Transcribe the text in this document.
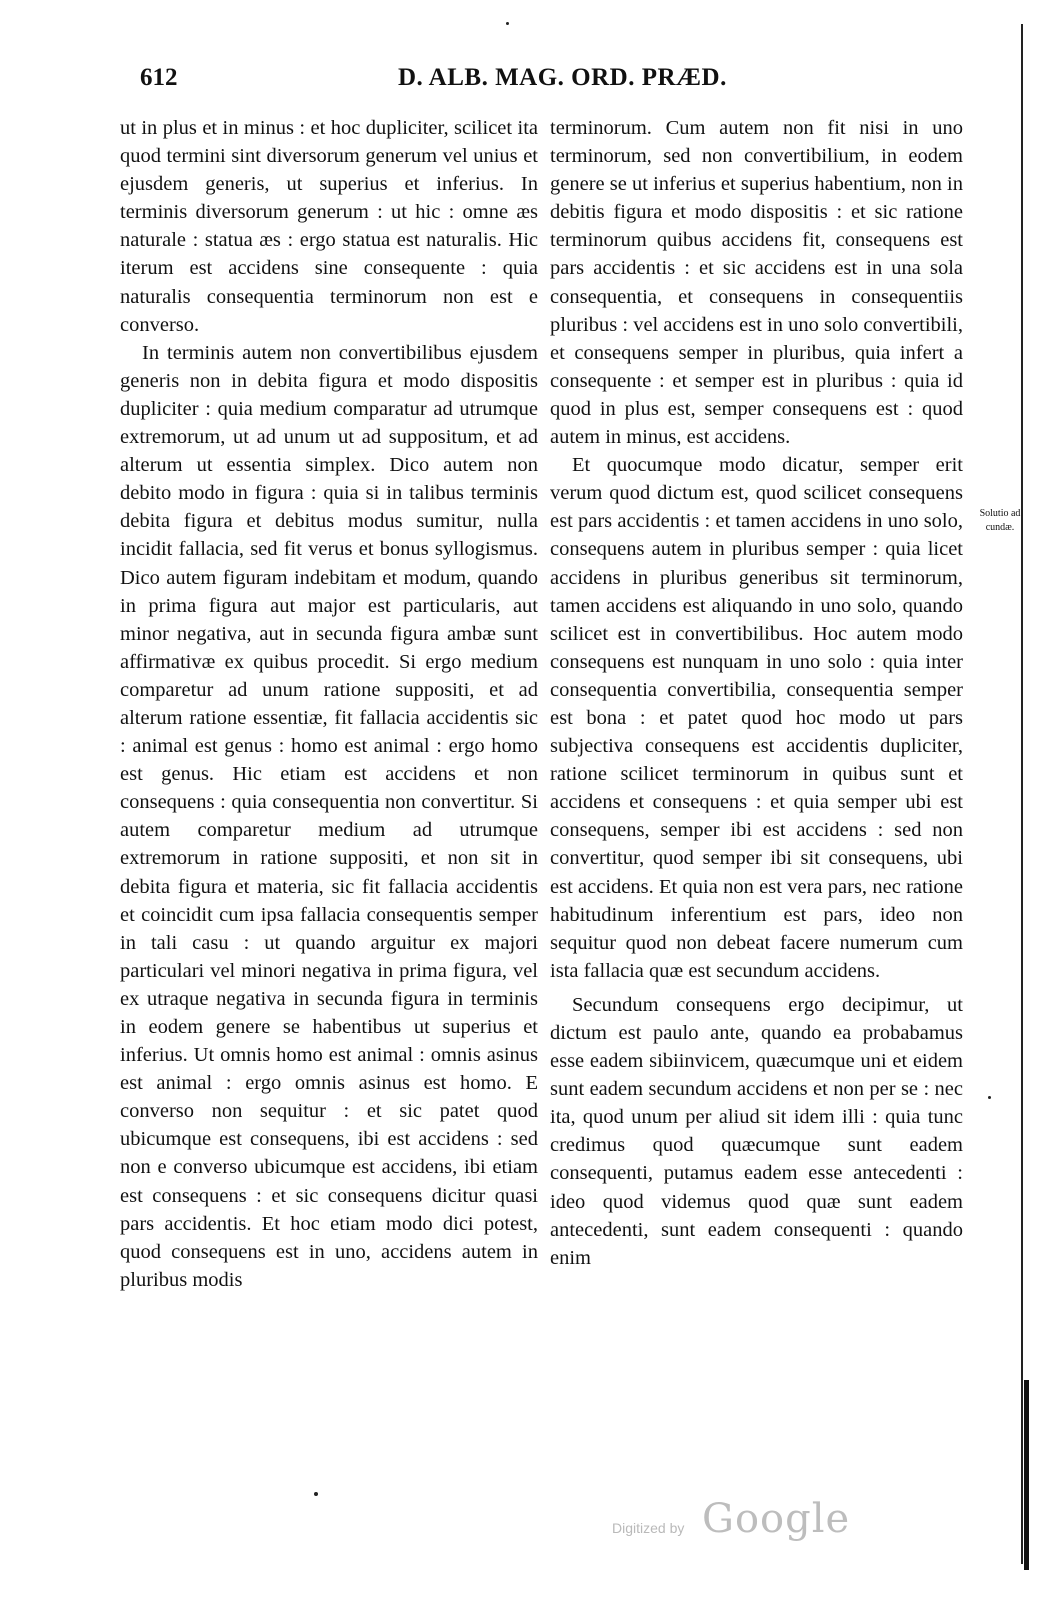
612	D. ALB. MAG. ORD. PRÆD.

ut in plus et in minus : et hoc dupliciter, scilicet ita quod termini sint diversorum generum vel unius et ejusdem generis, ut superius et inferius. In terminis diversorum generum : ut hic : omne æs naturale : statua æs : ergo statua est naturalis. Hic iterum est accidens sine consequente : quia naturalis consequentia terminorum non est e converso.

In terminis autem non convertibilibus ejusdem generis non in debita figura et modo dispositis dupliciter : quia medium comparatur ad utrumque extremorum, ut ad unum ut ad suppositum, et ad alterum ut essentia simplex. Dico autem non debito modo in figura : quia si in talibus terminis debita figura et debitus modus sumitur, nulla incidit fallacia, sed fit verus et bonus syllogismus. Dico autem figuram indebitam et modum, quando in prima figura aut major est particularis, aut minor negativa, aut in secunda figura ambæ sunt affirmativæ ex quibus procedit. Si ergo medium comparetur ad unum ratione suppositi, et ad alterum ratione essentiæ, fit fallacia accidentis sic : animal est genus : homo est animal : ergo homo est genus. Hic etiam est accidens et non consequens : quia consequentia non convertitur. Si autem comparetur medium ad utrumque extremorum in ratione suppositi, et non sit in debita figura et materia, sic fit fallacia accidentis et coincidit cum ipsa fallacia consequentis semper in tali casu : ut quando arguitur ex majori particulari vel minori negativa in prima figura, vel ex utraque negativa in secunda figura in terminis in eodem genere se habentibus ut superius et inferius. Ut omnis homo est animal : omnis asinus est animal : ergo omnis asinus est homo. E converso non sequitur : et sic patet quod ubicumque est consequens, ibi est accidens : sed non e converso ubicumque est accidens, ibi etiam est consequens : et sic consequens dicitur quasi pars accidentis. Et hoc etiam modo dici potest, quod consequens est in uno, accidens autem in pluribus modis

terminorum. Cum autem non fit nisi in uno terminorum, sed non convertibilium, in eodem genere se ut inferius et superius habentium, non in debitis figura et modo dispositis : et sic ratione terminorum quibus accidens fit, consequens est pars accidentis : et sic accidens est in una sola consequentia, et consequens in consequentiis pluribus : vel accidens est in uno solo convertibili, et consequens semper in pluribus, quia infert a consequente : et semper est in pluribus : quia id quod in plus est, semper consequens est : quod autem in minus, est accidens.

Et quocumque modo dicatur, semper erit verum quod dictum est, quod scilicet consequens est pars accidentis : et tamen accidens in uno solo, consequens autem in pluribus semper : quia licet accidens in pluribus generibus sit terminorum, tamen accidens est aliquando in uno solo, quando scilicet est in convertibilibus. Hoc autem modo consequens est nunquam in uno solo : quia inter consequentia convertibilia, consequentia semper est bona : et patet quod hoc modo ut pars subjectiva consequens est accidentis dupliciter, ratione scilicet terminorum in quibus sunt et accidens et consequens : et quia semper ubi est consequens, semper ibi est accidens : sed non convertitur, quod semper ibi sit consequens, ubi est accidens. Et quia non est vera pars, nec ratione habitudinum inferentium est pars, ideo non sequitur quod non debeat facere numerum cum ista fallacia quæ est secundum accidens.

Secundum consequens ergo decipimur, ut dictum est paulo ante, quando ea probabamus esse eadem sibiinvicem, quæcumque uni et eidem sunt eadem secundum accidens et non per se : nec ita, quod unum per aliud sit idem illi : quia tunc credimus quod quæcumque sunt eadem consequenti, putamus eadem esse antecedenti : ideo quod videmus quod quæ sunt eadem antecedenti, sunt eadem consequenti : quando enim

Solutio ad cundæ.
Digitized by Google
